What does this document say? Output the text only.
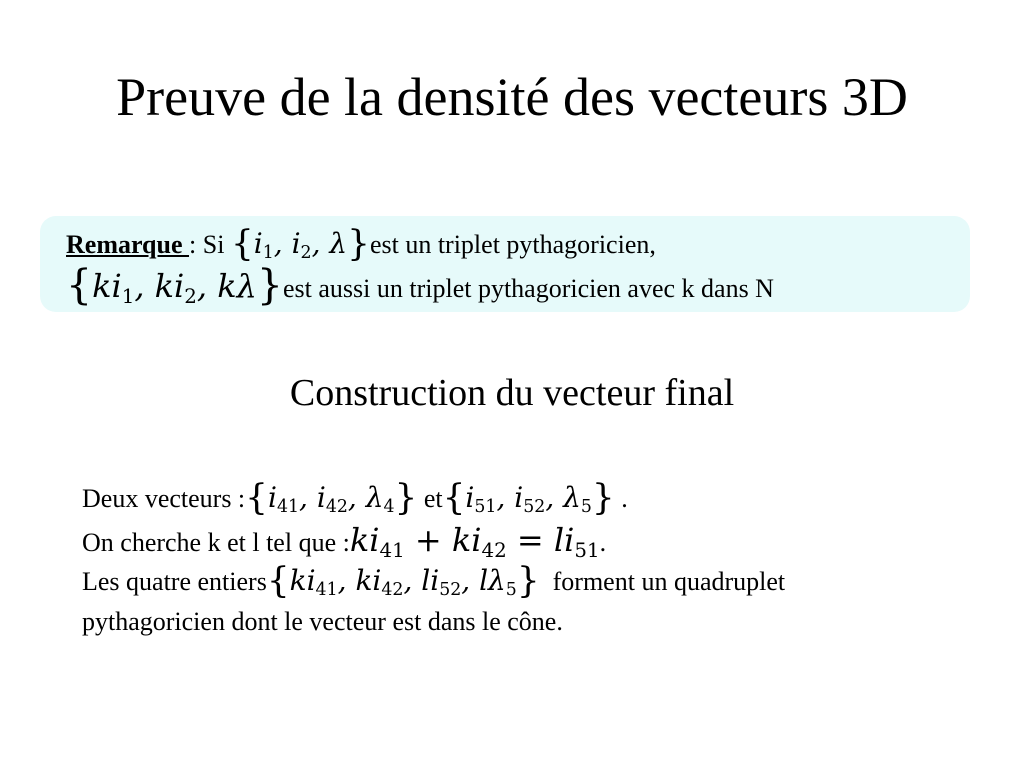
Preuve de la densité des vecteurs 3D
Remarque : Si {$i_1$, $i_2$, λ}est un triplet pythagoricien,
{$ki_1$, $ki_2$, kλ}est aussi un triplet pythagoricien avec k dans N
Construction du vecteur final
Deux vecteurs $:\{i_{41}$, $i_{42}$, $\lambda_4$} $et\{i_{51}$, $i_{52}$, $\lambda_5$} .
On cherche k et l tel que $:ki_{41} + ki_{42} = li_{51}$.
Les quatre $entiers\{ki_{41}$, $ki_{42}$, $li_{52}$, $l\lambda_5$}  forment un quadruplet
pythagoricien dont le vecteur est dans le cône.
